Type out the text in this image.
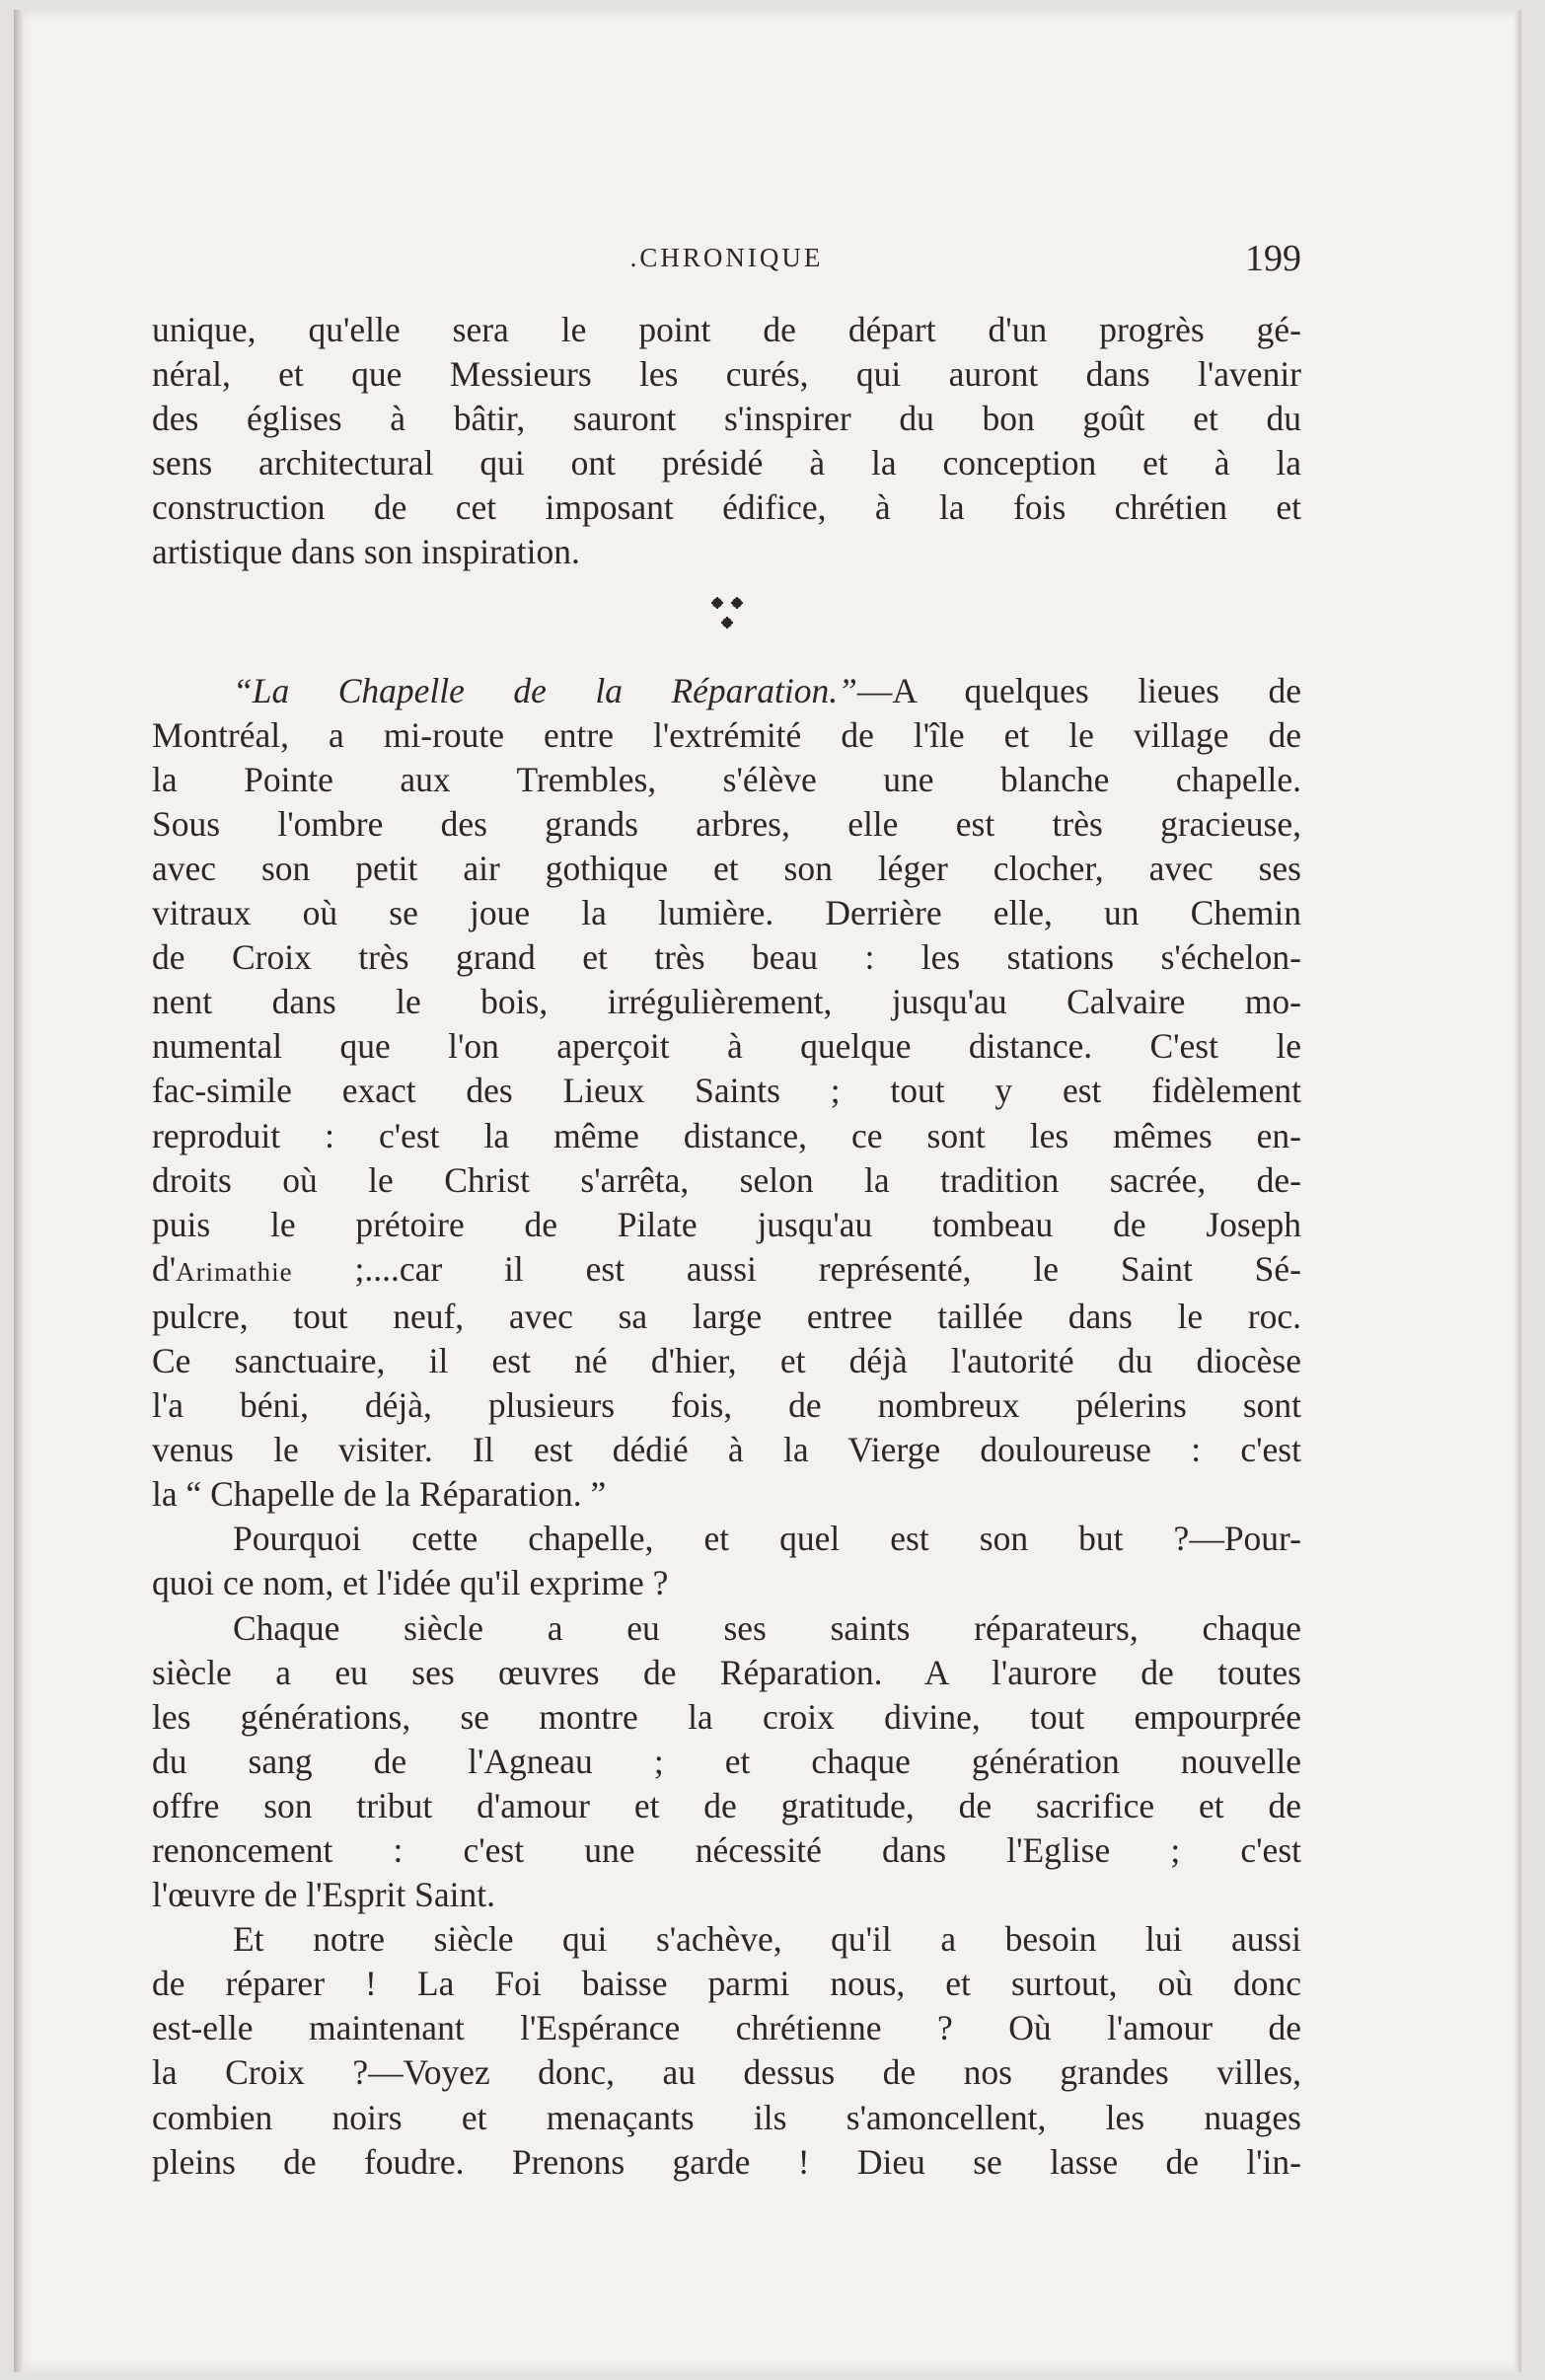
.CHRONIQUE	199
unique, qu'elle sera le point de départ d'un progrès gé-
néral, et que Messieurs les curés, qui auront dans l'avenir
des églises à bâtir, sauront s'inspirer du bon goût et du
sens architectural qui ont présidé à la conception et à la
construction de cet imposant édifice, à la fois chrétien et
artistique dans son inspiration.
“La Chapelle de la Réparation.”—A quelques lieues de
Montréal, a mi-route entre l'extrémité de l'île et le village de
la Pointe aux Trembles, s'élève une blanche chapelle.
Sous l'ombre des grands arbres, elle est très gracieuse,
avec son petit air gothique et son léger clocher, avec ses
vitraux où se joue la lumière. Derrière elle, un Chemin
de Croix très grand et très beau : les stations s'échelon-
nent dans le bois, irrégulièrement, jusqu'au Calvaire mo-
numental que l'on aperçoit à quelque distance. C'est le
fac-simile exact des Lieux Saints ; tout y est fidèlement
reproduit : c'est la même distance, ce sont les mêmes en-
droits où le Christ s'arrêta, selon la tradition sacrée, de-
puis le prétoire de Pilate jusqu'au tombeau de Joseph
d'Arimathie ;....car il est aussi représenté, le Saint Sé-
pulcre, tout neuf, avec sa large entree taillée dans le roc.
Ce sanctuaire, il est né d'hier, et déjà l'autorité du diocèse
l'a béni, déjà, plusieurs fois, de nombreux pélerins sont
venus le visiter. Il est dédié à la Vierge douloureuse : c'est
la “ Chapelle de la Réparation. ”
Pourquoi cette chapelle, et quel est son but ?—Pour-
quoi ce nom, et l'idée qu'il exprime ?
Chaque siècle a eu ses saints réparateurs, chaque
siècle a eu ses œuvres de Réparation. A l'aurore de toutes
les générations, se montre la croix divine, tout empourprée
du sang de l'Agneau ; et chaque génération nouvelle
offre son tribut d'amour et de gratitude, de sacrifice et de
renoncement : c'est une nécessité dans l'Eglise ; c'est
l'œuvre de l'Esprit Saint.
Et notre siècle qui s'achève, qu'il a besoin lui aussi
de réparer ! La Foi baisse parmi nous, et surtout, où donc
est-elle maintenant l'Espérance chrétienne ? Où l'amour de
la Croix ?—Voyez donc, au dessus de nos grandes villes,
combien noirs et menaçants ils s'amoncellent, les nuages
pleins de foudre. Prenons garde ! Dieu se lasse de l'in-
